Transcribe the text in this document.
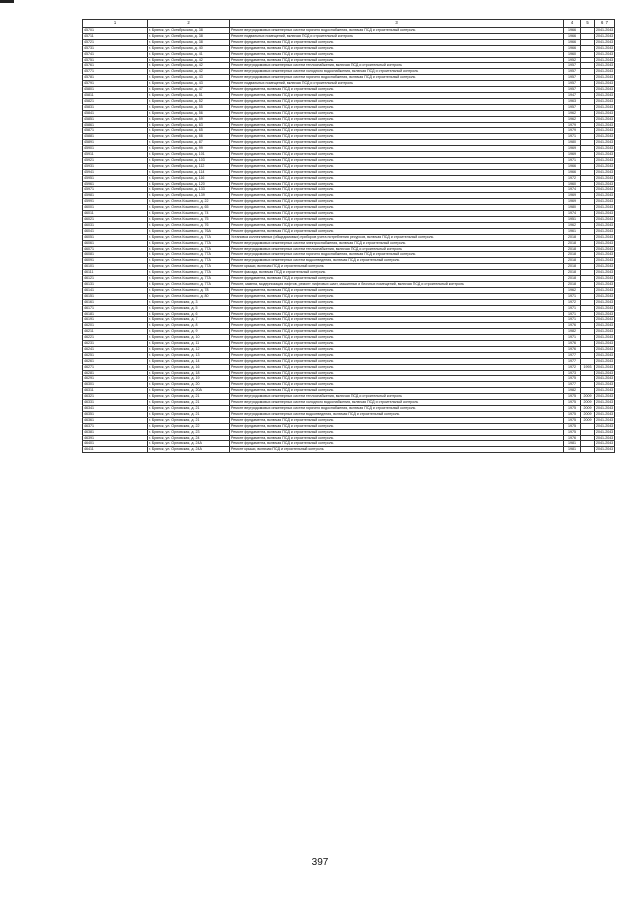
1	2	3	4	5	6 7
45701	г. Брянск, ул. Октябрьская, д. 38	Ремонт внутридомовых инженерных систем горячего водоснабжения, включая ПСД и строительный контроль	1966		2041-2043
45711	г. Брянск, ул. Октябрьская, д. 38	Ремонт подвальных помещений, включая ПСД и строительный контроль	1966		2041-2043
45721	г. Брянск, ул. Октябрьская, д. 38	Ремонт фундамента, включая ПСД и строительный контроль	1966		2041-2043
45731	г. Брянск, ул. Октябрьская, д. 40	Ремонт фундамента, включая ПСД и строительный контроль	1966		2041-2043
45741	г. Брянск, ул. Октябрьская, д. 41	Ремонт фундамента, включая ПСД и строительный контроль	1960		2041-2043
45751	г. Брянск, ул. Октябрьская, д. 42	Ремонт фундамента, включая ПСД и строительный контроль	1952		2041-2043
45761	г. Брянск, ул. Октябрьская, д. 42	Ремонт внутридомовых инженерных систем теплоснабжения, включая ПСД и строительный контроль	1957		2041-2043
45771	г. Брянск, ул. Октябрьская, д. 42	Ремонт внутридомовых инженерных систем холодного водоснабжения, включая ПСД и строительный контроль	1957		2041-2043
45781	г. Брянск, ул. Октябрьская, д. 43	Ремонт внутридомовых инженерных систем горячего водоснабжения, включая ПСД и строительный контроль	1957		2041-2043
45791	г. Брянск, ул. Октябрьская, д. 43	Ремонт подвальных помещений, включая ПСД и строительный контроль	1957		2041-2043
45801	г. Брянск, ул. Октябрьская, д. 47	Ремонт фундамента, включая ПСД и строительный контроль	1957		2041-2043
45811	г. Брянск, ул. Октябрьская, д. 51	Ремонт фундамента, включая ПСД и строительный контроль	1947		2041-2043
45821	г. Брянск, ул. Октябрьская, д. 52	Ремонт фундамента, включая ПСД и строительный контроль	1963		2041-2043
45831	г. Брянск, ул. Октябрьская, д. 55	Ремонт фундамента, включая ПСД и строительный контроль	1957		2041-2043
45841	г. Брянск, ул. Октябрьская, д. 56	Ремонт фундамента, включая ПСД и строительный контроль	1962		2041-2043
45851	г. Брянск, ул. Октябрьская, д. 59	Ремонт фундамента, включая ПСД и строительный контроль	1962		2041-2043
45861	г. Брянск, ул. Октябрьская, д. 63	Ремонт фундамента, включая ПСД и строительный контроль	1979		2041-2043
45871	г. Брянск, ул. Октябрьская, д. 65	Ремонт фундамента, включая ПСД и строительный контроль	1979		2041-2043
45881	г. Брянск, ул. Октябрьская, д. 66	Ремонт фундамента, включая ПСД и строительный контроль	1971		2041-2043
45891	г. Брянск, ул. Октябрьская, д. 87	Ремонт фундамента, включая ПСД и строительный контроль	1980		2041-2043
45901	г. Брянск, ул. Октябрьская, д. 99	Ремонт фундамента, включая ПСД и строительный контроль	1969		2041-2043
45911	г. Брянск, ул. Октябрьская, д. 101	Ремонт фундамента, включая ПСД и строительный контроль	1969		2041-2043
45921	г. Брянск, ул. Октябрьская, д. 103	Ремонт фундамента, включая ПСД и строительный контроль	1971		2041-2043
45931	г. Брянск, ул. Октябрьская, д. 112	Ремонт фундамента, включая ПСД и строительный контроль	1966		2041-2043
45941	г. Брянск, ул. Октябрьская, д. 114	Ремонт фундамента, включая ПСД и строительный контроль	1966		2041-2043
45951	г. Брянск, ул. Октябрьская, д. 116	Ремонт фундамента, включая ПСД и строительный контроль	1972		2041-2043
45961	г. Брянск, ул. Октябрьская, д. 120	Ремонт фундамента, включая ПСД и строительный контроль	1960		2041-2043
45971	г. Брянск, ул. Октябрьская, д. 133	Ремонт фундамента, включая ПСД и строительный контроль	1974		2041-2043
45981	г. Брянск, ул. Октябрьская, д. 139	Ремонт фундамента, включая ПСД и строительный контроль	1969		2041-2043
45991	г. Брянск, ул. Олега Кошевого, д. 22	Ремонт фундамента, включая ПСД и строительный контроль	1969		2041-2043
46001	г. Брянск, ул. Олега Кошевого, д. 65	Ремонт фундамента, включая ПСД и строительный контроль	1980		2041-2043
46011	г. Брянск, ул. Олега Кошевого, д. 74	Ремонт фундамента, включая ПСД и строительный контроль	1974		2041-2043
46021	г. Брянск, ул. Олега Кошевого, д. 75	Ремонт фундамента, включая ПСД и строительный контроль	1951		2041-2043
46031	г. Брянск, ул. Олега Кошевого, д. 76	Ремонт фундамента, включая ПСД и строительный контроль	1962		2041-2043
46041	г. Брянск, ул. Олега Кошевого, д. 76А	Ремонт фундамента, включая ПСД и строительный контроль	1961		2041-2043
46051	г. Брянск, ул. Олега Кошевого, д. 77А	Установка коллективных (общедомовых) приборов учета потребления ресурсов, включая ПСД и строительный контроль	2018		2041-2043
46061	г. Брянск, ул. Олега Кошевого, д. 77А	Ремонт внутридомовых инженерных систем электроснабжения, включая ПСД и строительный контроль	2018		2041-2043
46071	г. Брянск, ул. Олега Кошевого, д. 77А	Ремонт внутридомовых инженерных систем теплоснабжения, включая ПСД и строительный контроль	2018		2041-2043
46081	г. Брянск, ул. Олега Кошевого, д. 77А	Ремонт внутридомовых инженерных систем горячего водоснабжения, включая ПСД и строительный контроль	2018		2041-2043
46091	г. Брянск, ул. Олега Кошевого, д. 77А	Ремонт внутридомовых инженерных систем водоотведения, включая ПСД и строительный контроль	2018		2041-2043
46101	г. Брянск, ул. Олега Кошевого, д. 77А	Ремонт крыши, включая ПСД и строительный контроль	2018		2041-2043
46111	г. Брянск, ул. Олега Кошевого, д. 77А	Ремонт фасада, включая ПСД и строительный контроль	2018		2041-2043
46121	г. Брянск, ул. Олега Кошевого, д. 77А	Ремонт фундамента, включая ПСД и строительный контроль	2018		2041-2043
46131	г. Брянск, ул. Олега Кошевого, д. 77А	Ремонт, замена, модернизация лифтов, ремонт лифтовых шахт, машинных и блочных помещений, включая ПСД и строительный контроль	2018		2041-2043
46141	г. Брянск, ул. Олега Кошевого, д. 78	Ремонт фундамента, включая ПСД и строительный контроль	1962		2041-2043
46151	г. Брянск, ул. Олега Кошевого, д. 80	Ремонт фундамента, включая ПСД и строительный контроль	1971		2041-2043
46161	г. Брянск, ул. Орловская, д. 3	Ремонт фундамента, включая ПСД и строительный контроль	1972		2041-2043
46171	г. Брянск, ул. Орловская, д. 5	Ремонт фундамента, включая ПСД и строительный контроль	1971		2041-2043
46181	г. Брянск, ул. Орловская, д. 6	Ремонт фундамента, включая ПСД и строительный контроль	1971		2041-2043
46191	г. Брянск, ул. Орловская, д. 7	Ремонт фундамента, включая ПСД и строительный контроль	1971		2041-2043
46201	г. Брянск, ул. Орловская, д. 8	Ремонт фундамента, включая ПСД и строительный контроль	1976		2041-2043
46211	г. Брянск, ул. Орловская, д. 9	Ремонт фундамента, включая ПСД и строительный контроль	1982		2041-2043
46221	г. Брянск, ул. Орловская, д. 10	Ремонт фундамента, включая ПСД и строительный контроль	1971		2041-2043
46231	г. Брянск, ул. Орловская, д. 11	Ремонт фундамента, включая ПСД и строительный контроль	1976		2041-2043
46241	г. Брянск, ул. Орловская, д. 12	Ремонт фундамента, включая ПСД и строительный контроль	1976		2041-2043
46251	г. Брянск, ул. Орловская, д. 13	Ремонт фундамента, включая ПСД и строительный контроль	1977		2041-2043
46261	г. Брянск, ул. Орловская, д. 14	Ремонт фундамента, включая ПСД и строительный контроль	1977		2041-2043
46271	г. Брянск, ул. Орловская, д. 16	Ремонт фундамента, включая ПСД и строительный контроль	1972	1993	2041-2043
46281	г. Брянск, ул. Орловская, д. 18	Ремонт фундамента, включая ПСД и строительный контроль	1973		2041-2043
46291	г. Брянск, ул. Орловская, д. 19	Ремонт фундамента, включая ПСД и строительный контроль	1975		2041-2043
46301	г. Брянск, ул. Орловская, д. 20	Ремонт фундамента, включая ПСД и строительный контроль	1977		2041-2043
46311	г. Брянск, ул. Орловская, д. 20А	Ремонт фундамента, включая ПСД и строительный контроль	1982		2041-2043
46321	г. Брянск, ул. Орловская, д. 21	Ремонт внутридомовых инженерных систем теплоснабжения, включая ПСД и строительный контроль	1975	2009	2041-2043
46331	г. Брянск, ул. Орловская, д. 21	Ремонт внутридомовых инженерных систем холодного водоснабжения, включая ПСД и строительный контроль	1975	2009	2041-2043
46341	г. Брянск, ул. Орловская, д. 21	Ремонт внутридомовых инженерных систем горячего водоснабжения, включая ПСД и строительный контроль	1975	2009	2041-2043
46351	г. Брянск, ул. Орловская, д. 21	Ремонт внутридомовых инженерных систем водоотведения, включая ПСД и строительный контроль	1975	2009	2041-2043
46361	г. Брянск, ул. Орловская, д. 21	Ремонт фундамента, включая ПСД и строительный контроль	1975	2009	2041-2043
46371	г. Брянск, ул. Орловская, д. 22	Ремонт фундамента, включая ПСД и строительный контроль	1975		2041-2043
46381	г. Брянск, ул. Орловская, д. 23	Ремонт фундамента, включая ПСД и строительный контроль	1975		2041-2043
46391	г. Брянск, ул. Орловская, д. 24	Ремонт фундамента, включая ПСД и строительный контроль	1976		2041-2043
46401	г. Брянск, ул. Орловская, д. 24А	Ремонт фундамента, включая ПСД и строительный контроль	1981		2041-2043
46411	г. Брянск, ул. Орловская, д. 24А	Ремонт крыши, включая ПСД и строительный контроль	1981		2041-2043
397
